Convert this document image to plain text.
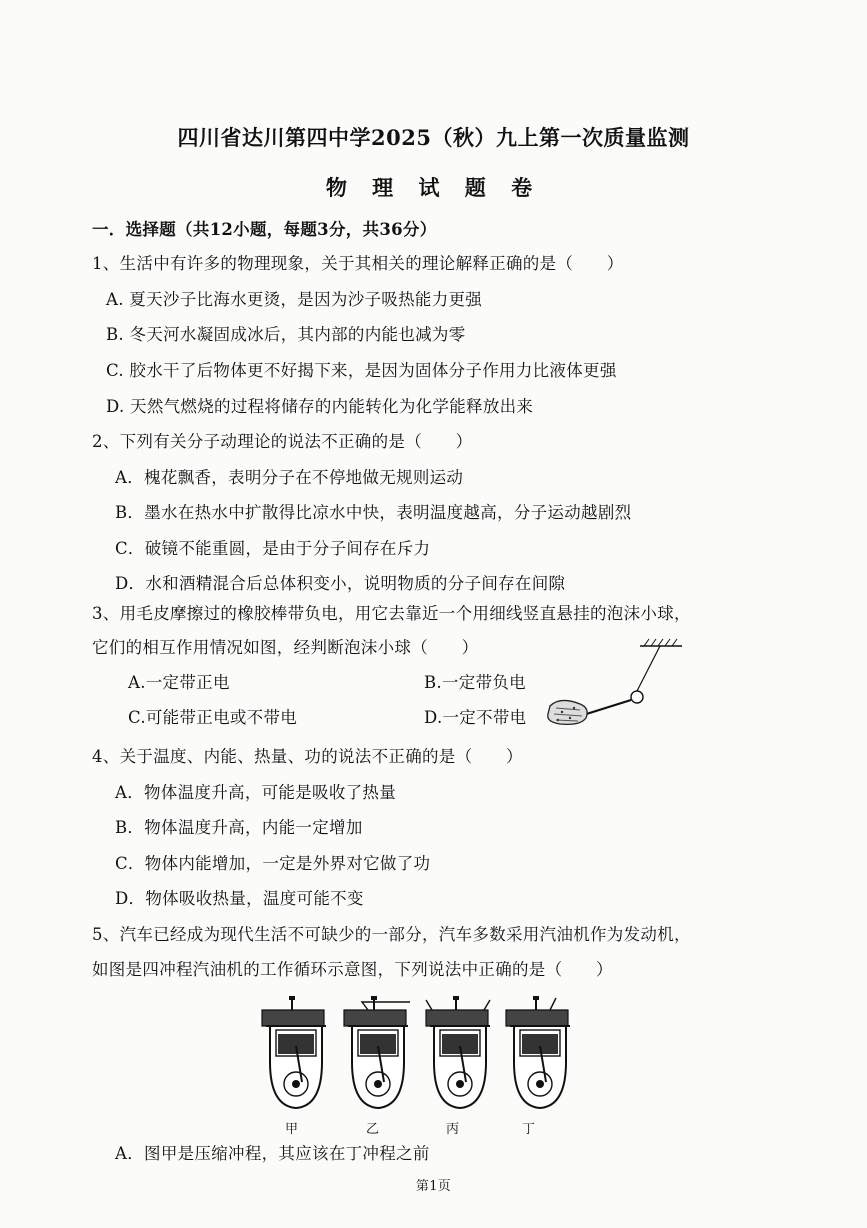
四川省达川第四中学2025（秋）九上第一次质量监测
物 理 试 题 卷
一．选择题（共12小题，每题3分，共36分）
1、生活中有许多的物理现象，关于其相关的理论解释正确的是（　　）
A. 夏天沙子比海水更烫，是因为沙子吸热能力更强
B. 冬天河水凝固成冰后，其内部的内能也减为零
C. 胶水干了后物体更不好揭下来，是因为固体分子作用力比液体更强
D. 天然气燃烧的过程将储存的内能转化为化学能释放出来
2、下列有关分子动理论的说法不正确的是（　　）
A．槐花飘香，表明分子在不停地做无规则运动
B．墨水在热水中扩散得比凉水中快，表明温度越高，分子运动越剧烈
C．破镜不能重圆，是由于分子间存在斥力
D．水和酒精混合后总体积变小，说明物质的分子间存在间隙
3、用毛皮摩擦过的橡胶棒带负电，用它去靠近一个用细线竖直悬挂的泡沫小球，
它们的相互作用情况如图，经判断泡沫小球（　　）
A.一定带正电	B.一定带负电
C.可能带正电或不带电	D.一定不带电
4、关于温度、内能、热量、功的说法不正确的是（　　）
A．物体温度升高，可能是吸收了热量
B．物体温度升高，内能一定增加
C．物体内能增加，一定是外界对它做了功
D．物体吸收热量，温度可能不变
5、汽车已经成为现代生活不可缺少的一部分，汽车多数采用汽油机作为发动机，
如图是四冲程汽油机的工作循环示意图，下列说法中正确的是（　　）
甲	乙	丙	丁
A．图甲是压缩冲程，其应该在丁冲程之前
第1页
